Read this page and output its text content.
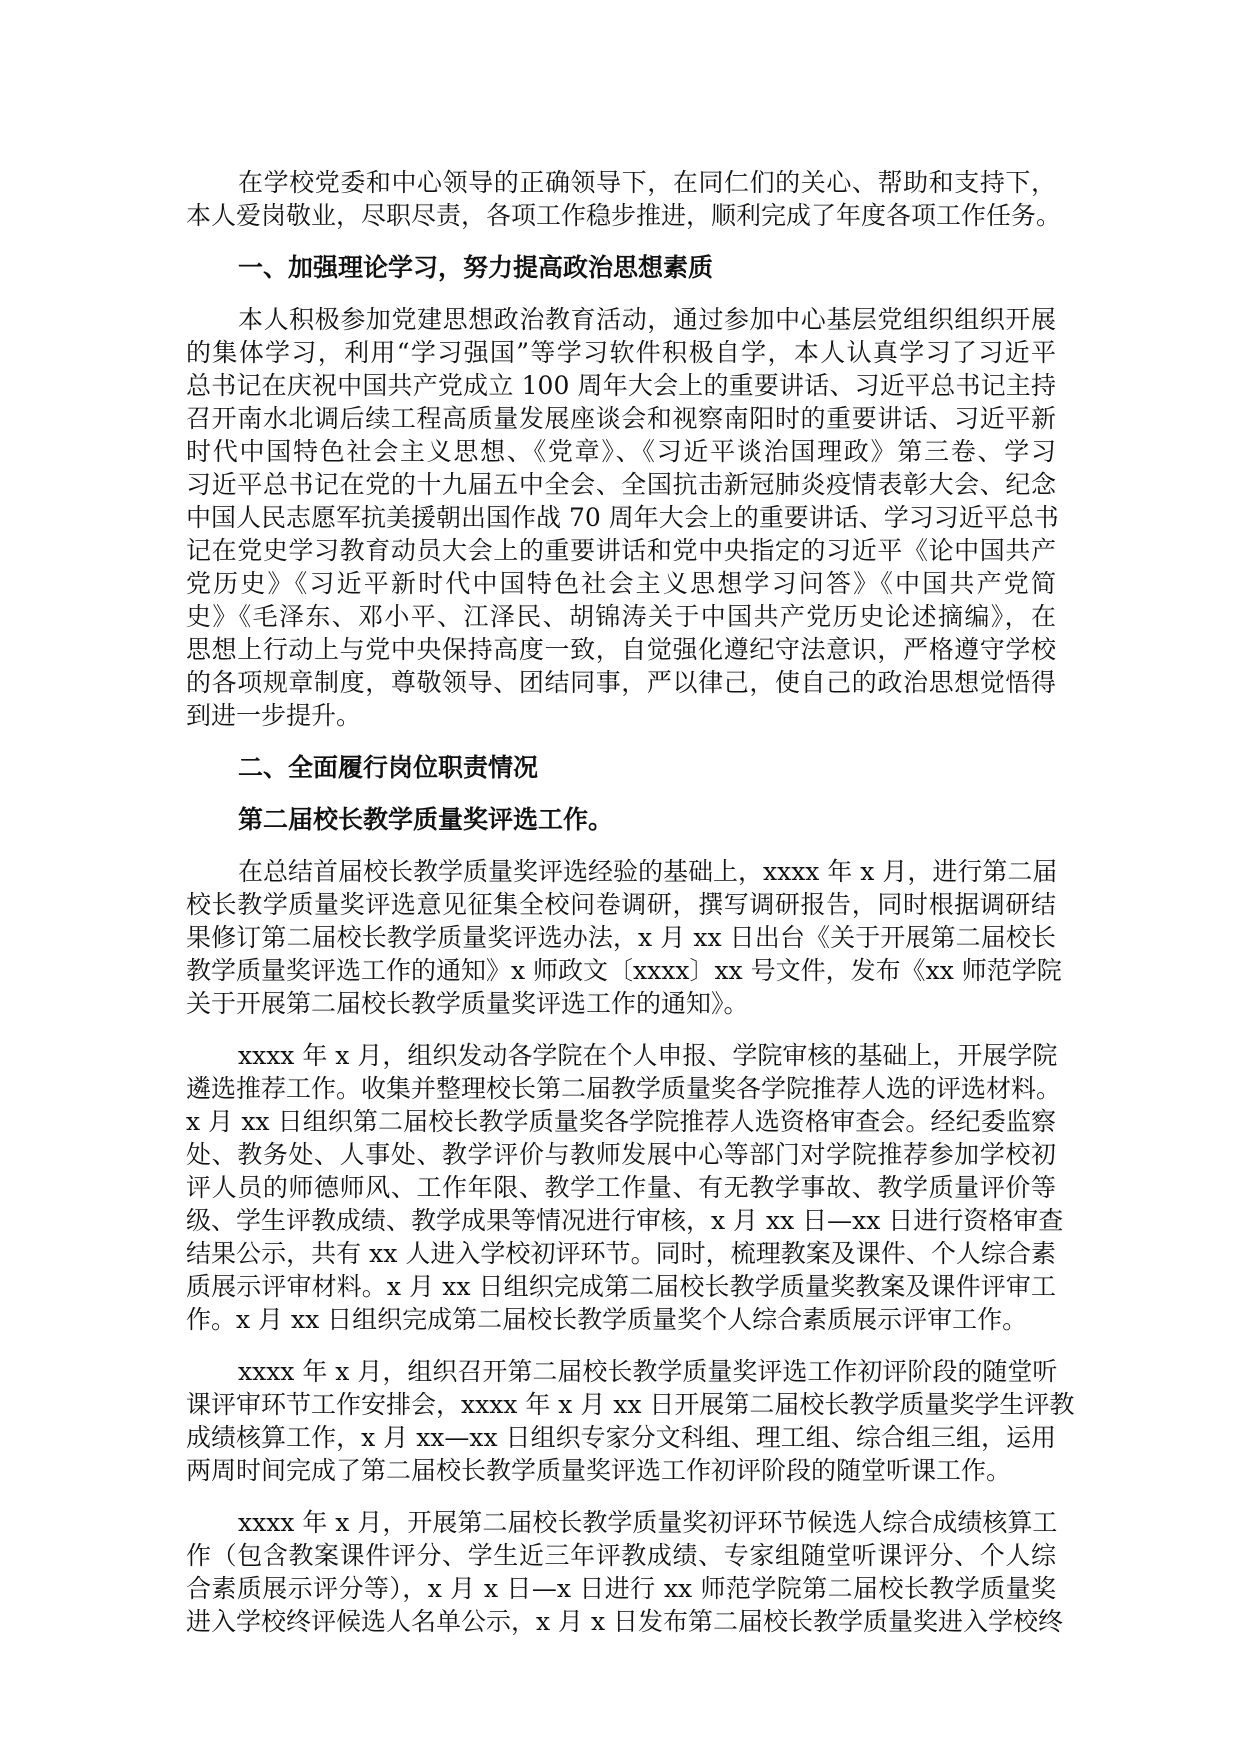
在学校党委和中心领导的正确领导下，在同仁们的关心、帮助和支持下，
本人爱岗敬业，尽职尽责，各项工作稳步推进，顺利完成了年度各项工作任务。
一、加强理论学习，努力提高政治思想素质
本人积极参加党建思想政治教育活动，通过参加中心基层党组织组织开展
的集体学习，利用“学习强国”等学习软件积极自学，本人认真学习了习近平
总书记在庆祝中国共产党成立 100 周年大会上的重要讲话、习近平总书记主持
召开南水北调后续工程高质量发展座谈会和视察南阳时的重要讲话、习近平新
时代中国特色社会主义思想、《党章》、《习近平谈治国理政》第三卷、学习
习近平总书记在党的十九届五中全会、全国抗击新冠肺炎疫情表彰大会、纪念
中国人民志愿军抗美援朝出国作战 70 周年大会上的重要讲话、学习习近平总书
记在党史学习教育动员大会上的重要讲话和党中央指定的习近平《论中国共产
党历史》《习近平新时代中国特色社会主义思想学习问答》《中国共产党简
史》《毛泽东、邓小平、江泽民、胡锦涛关于中国共产党历史论述摘编》，在
思想上行动上与党中央保持高度一致，自觉强化遵纪守法意识，严格遵守学校
的各项规章制度，尊敬领导、团结同事，严以律己，使自己的政治思想觉悟得
到进一步提升。
二、全面履行岗位职责情况
第二届校长教学质量奖评选工作。
在总结首届校长教学质量奖评选经验的基础上，xxxx 年 x 月，进行第二届
校长教学质量奖评选意见征集全校问卷调研，撰写调研报告，同时根据调研结
果修订第二届校长教学质量奖评选办法，x 月 xx 日出台《关于开展第二届校长
教学质量奖评选工作的通知》x 师政文〔xxxx〕xx 号文件，发布《xx 师范学院
关于开展第二届校长教学质量奖评选工作的通知》。
xxxx 年 x 月，组织发动各学院在个人申报、学院审核的基础上，开展学院
遴选推荐工作。收集并整理校长第二届教学质量奖各学院推荐人选的评选材料。
x 月 xx 日组织第二届校长教学质量奖各学院推荐人选资格审查会。经纪委监察
处、教务处、人事处、教学评价与教师发展中心等部门对学院推荐参加学校初
评人员的师德师风、工作年限、教学工作量、有无教学事故、教学质量评价等
级、学生评教成绩、教学成果等情况进行审核，x 月 xx 日—xx 日进行资格审查
结果公示，共有 xx 人进入学校初评环节。同时，梳理教案及课件、个人综合素
质展示评审材料。x 月 xx 日组织完成第二届校长教学质量奖教案及课件评审工
作。x 月 xx 日组织完成第二届校长教学质量奖个人综合素质展示评审工作。
xxxx 年 x 月，组织召开第二届校长教学质量奖评选工作初评阶段的随堂听
课评审环节工作安排会，xxxx 年 x 月 xx 日开展第二届校长教学质量奖学生评教
成绩核算工作，x 月 xx—xx 日组织专家分文科组、理工组、综合组三组，运用
两周时间完成了第二届校长教学质量奖评选工作初评阶段的随堂听课工作。
xxxx 年 x 月，开展第二届校长教学质量奖初评环节候选人综合成绩核算工
作（包含教案课件评分、学生近三年评教成绩、专家组随堂听课评分、个人综
合素质展示评分等），x 月 x 日—x 日进行 xx 师范学院第二届校长教学质量奖
进入学校终评候选人名单公示，x 月 x 日发布第二届校长教学质量奖进入学校终
